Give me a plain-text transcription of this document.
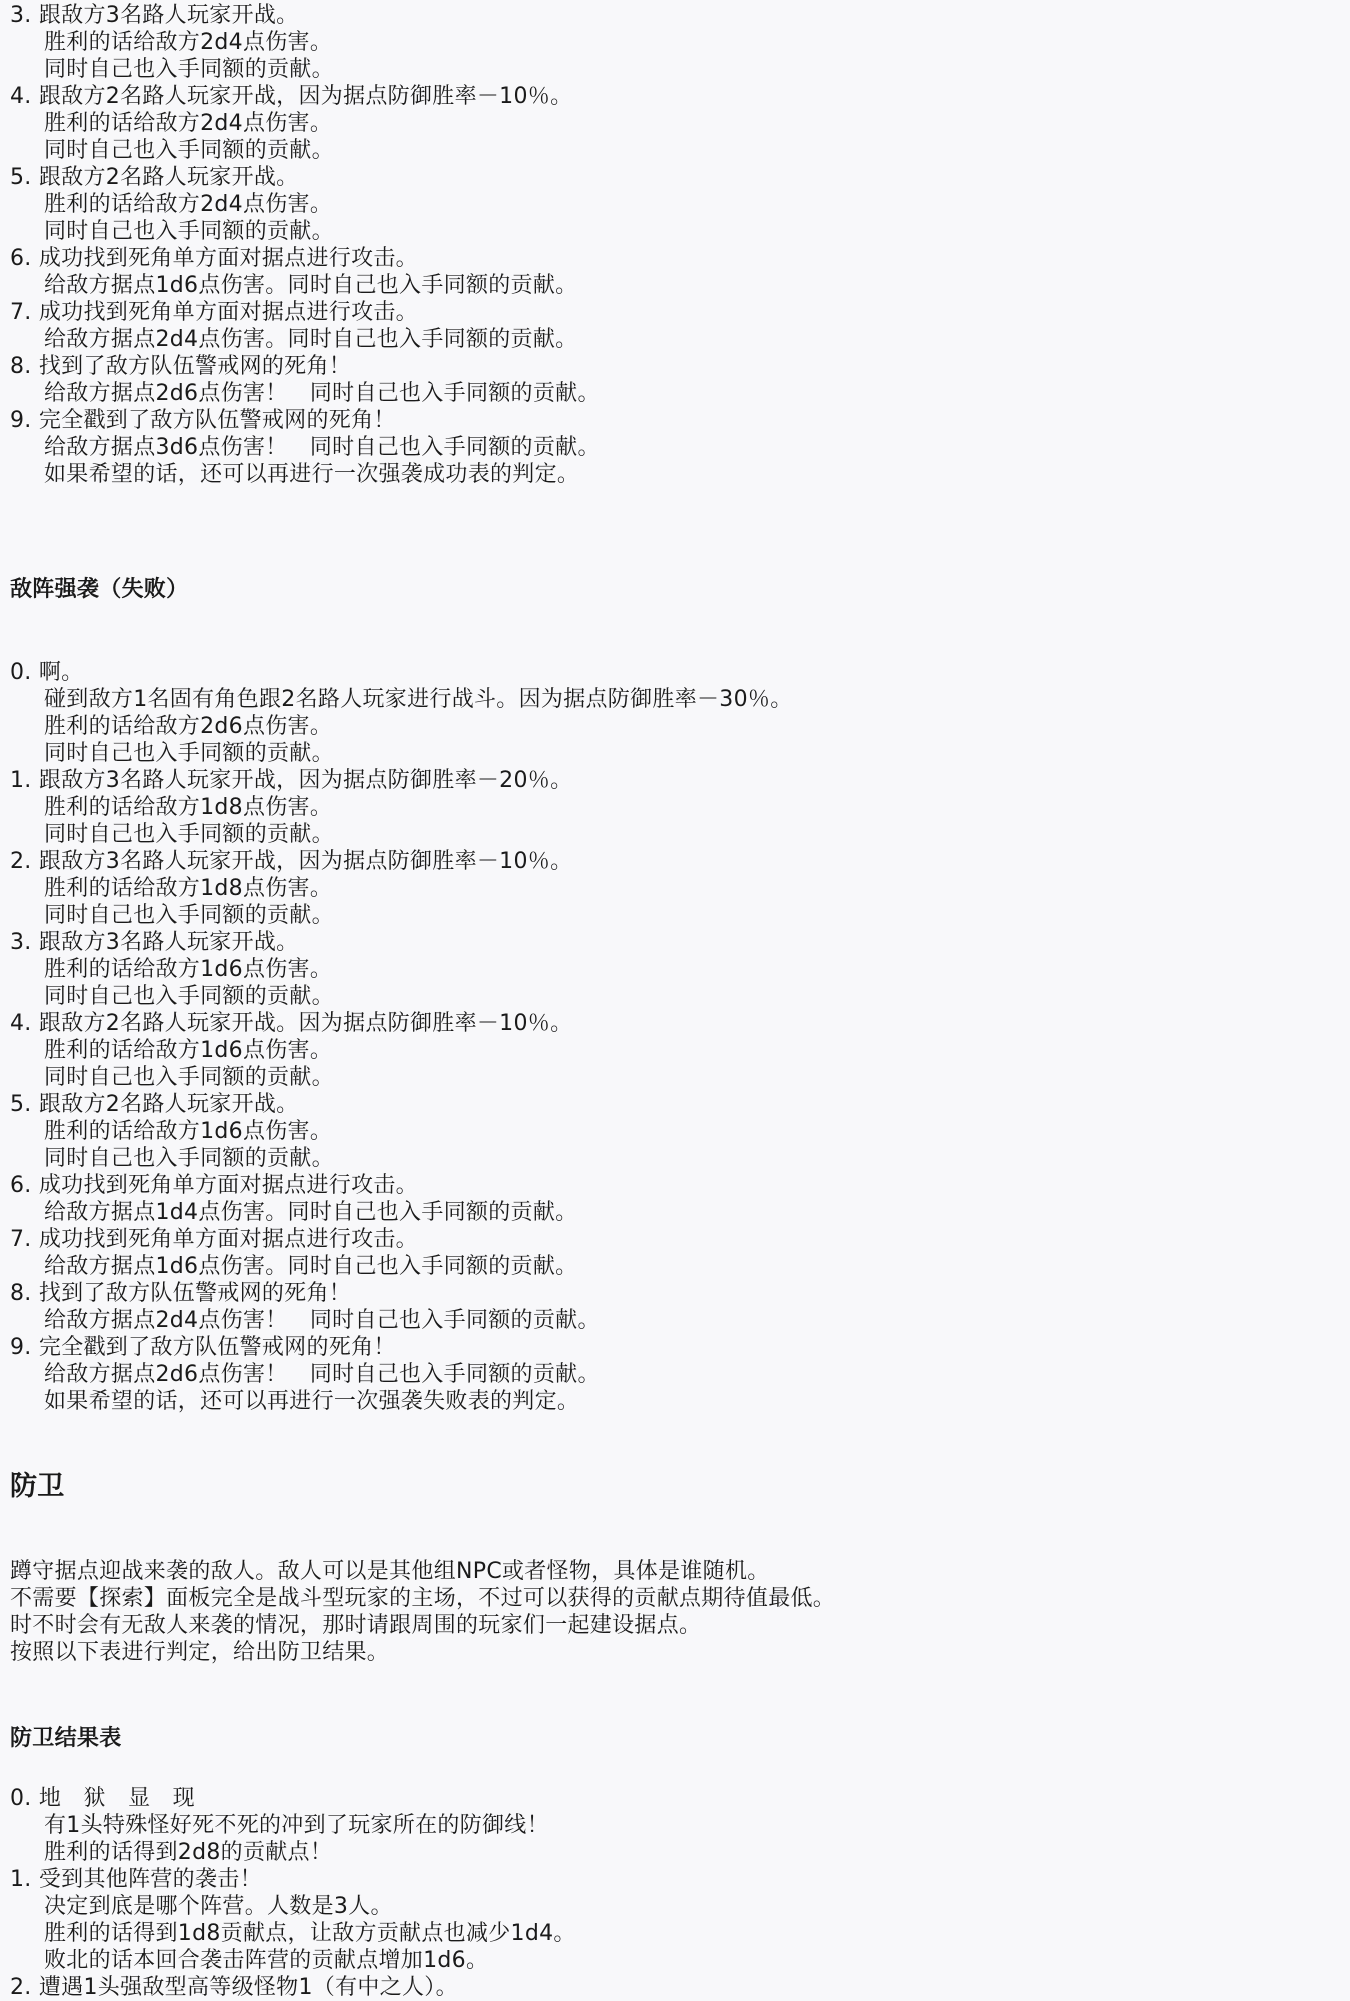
3. 跟敌方3名路人玩家开战。
胜利的话给敌方2d4点伤害。
同时自己也入手同额的贡献。
4. 跟敌方2名路人玩家开战，因为据点防御胜率－10％。
胜利的话给敌方2d4点伤害。
同时自己也入手同额的贡献。
5. 跟敌方2名路人玩家开战。
胜利的话给敌方2d4点伤害。
同时自己也入手同额的贡献。
6. 成功找到死角单方面对据点进行攻击。
给敌方据点1d6点伤害。同时自己也入手同额的贡献。
7. 成功找到死角单方面对据点进行攻击。
给敌方据点2d4点伤害。同时自己也入手同额的贡献。
8. 找到了敌方队伍警戒网的死角！
给敌方据点2d6点伤害！　同时自己也入手同额的贡献。
9. 完全戳到了敌方队伍警戒网的死角！
给敌方据点3d6点伤害！　同时自己也入手同额的贡献。
如果希望的话，还可以再进行一次强袭成功表的判定。
敌阵强袭（失败）
0. 啊。
碰到敌方1名固有角色跟2名路人玩家进行战斗。因为据点防御胜率－30％。
胜利的话给敌方2d6点伤害。
同时自己也入手同额的贡献。
1. 跟敌方3名路人玩家开战，因为据点防御胜率－20％。
胜利的话给敌方1d8点伤害。
同时自己也入手同额的贡献。
2. 跟敌方3名路人玩家开战，因为据点防御胜率－10％。
胜利的话给敌方1d8点伤害。
同时自己也入手同额的贡献。
3. 跟敌方3名路人玩家开战。
胜利的话给敌方1d6点伤害。
同时自己也入手同额的贡献。
4. 跟敌方2名路人玩家开战。因为据点防御胜率－10％。
胜利的话给敌方1d6点伤害。
同时自己也入手同额的贡献。
5. 跟敌方2名路人玩家开战。
胜利的话给敌方1d6点伤害。
同时自己也入手同额的贡献。
6. 成功找到死角单方面对据点进行攻击。
给敌方据点1d4点伤害。同时自己也入手同额的贡献。
7. 成功找到死角单方面对据点进行攻击。
给敌方据点1d6点伤害。同时自己也入手同额的贡献。
8. 找到了敌方队伍警戒网的死角！
给敌方据点2d4点伤害！　同时自己也入手同额的贡献。
9. 完全戳到了敌方队伍警戒网的死角！
给敌方据点2d6点伤害！　同时自己也入手同额的贡献。
如果希望的话，还可以再进行一次强袭失败表的判定。
防卫
蹲守据点迎战来袭的敌人。敌人可以是其他组NPC或者怪物，具体是谁随机。
不需要【探索】面板完全是战斗型玩家的主场，不过可以获得的贡献点期待值最低。
时不时会有无敌人来袭的情况，那时请跟周围的玩家们一起建设据点。
按照以下表进行判定，给出防卫结果。
防卫结果表
0. 地　狱　显　现
有1头特殊怪好死不死的冲到了玩家所在的防御线！
胜利的话得到2d8的贡献点！
1. 受到其他阵营的袭击！
决定到底是哪个阵营。人数是3人。
胜利的话得到1d8贡献点，让敌方贡献点也减少1d4。
败北的话本回合袭击阵营的贡献点增加1d6。
2. 遭遇1头强敌型高等级怪物1（有中之人）。
